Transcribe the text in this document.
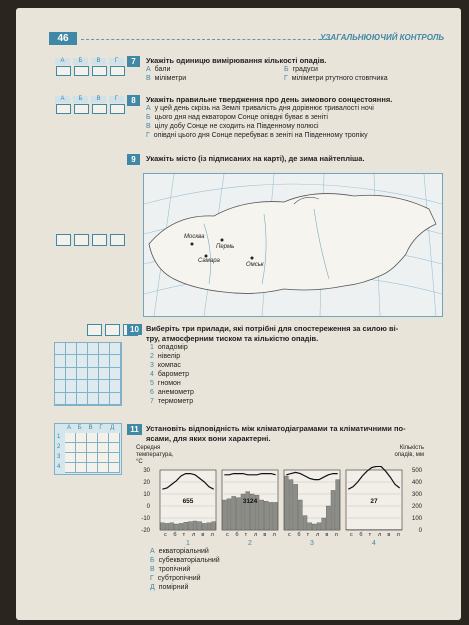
46	УЗАГАЛЬНЮЮЧИЙ КОНТРОЛЬ
А	Б	В	Г	7	Укажіть одиницю вимірювання кількості опадів.
А бали	Б градуси
В міліметри	Г міліметри ртутного стовпчика
А	Б	В	Г	8	Укажіть правильне твердження про день зимового сонцестояння.
А у цей день скрізь на Землі тривалість дня дорівнює тривалості ночі
Б цього дня над екватором Сонце опівдні буває в зеніті
В цілу добу Сонце не сходить на Південному полюсі
Г опівдні цього дня Сонце перебуває в зеніті на Південному тропіку
9	Укажіть місто (із підписаних на карті), де зима найтепліша.
Москва
Самара
Пермь
Омськ
10 Виберіть три прилади, які потрібні для спостереження за силою ві-
тру, атмосферним тиском та кількістю опадів.
А Б В Г Д
1
2
3
4
11 Установіть відповідність між кліматодіаграмами та кліматичними по-
ясами, для яких вони характерні.
Середня температура, °С
Кількість опадів, мм
30
20
10
0
-10
-20
500
400
300
200
100
0
655
с б т л в л
1
3124
с б т л в л
2
с б т л в л
3
27
с б т л в л
4
1 опадомір
2 нівелір
3 компас
4 барометр
5 гномон
6 анемометр
7 термометр
А екваторіальний
Б субекваторіальний
В тропічний
Г субтропічний
Д помірний
